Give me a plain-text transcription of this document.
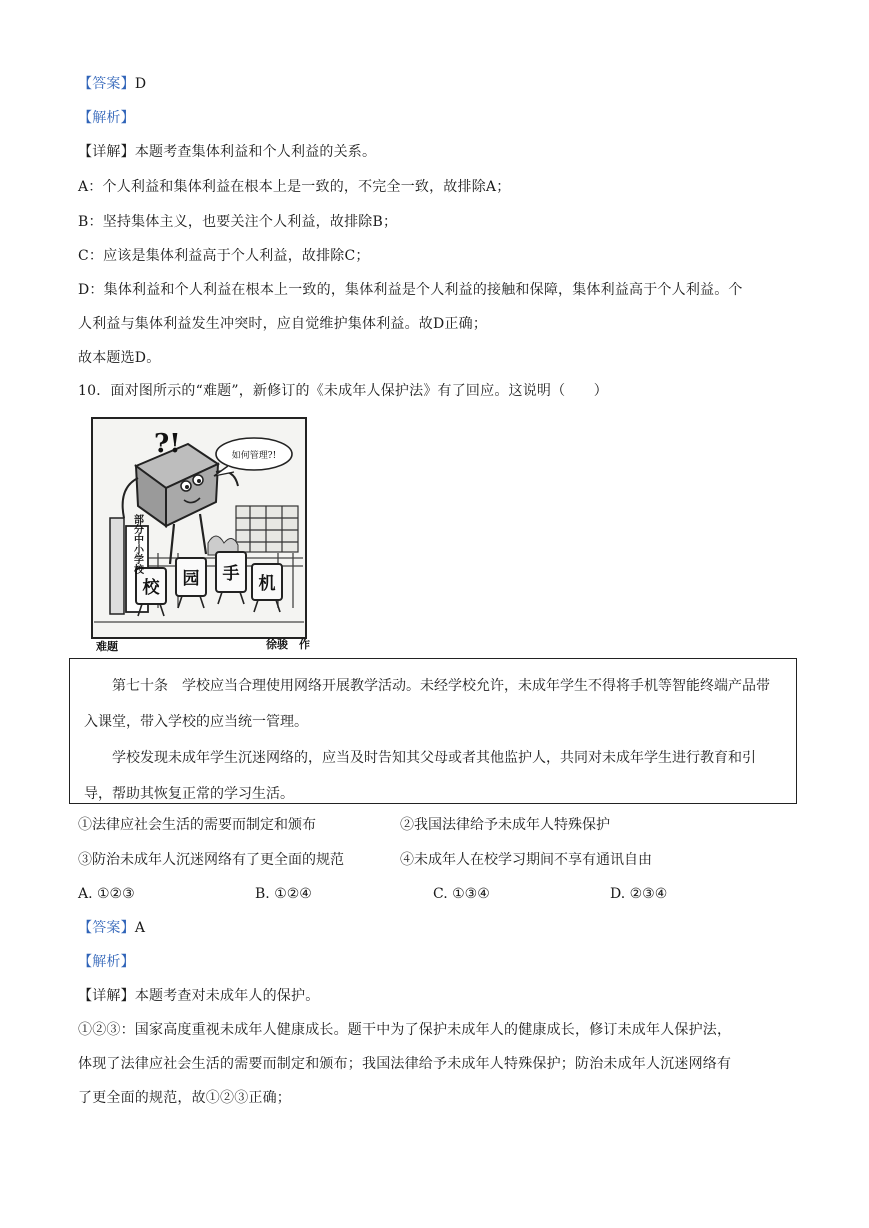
【答案】D
【解析】
【详解】本题考查集体利益和个人利益的关系。
A：个人利益和集体利益在根本上是一致的，不完全一致，故排除A；
B：坚持集体主义，也要关注个人利益，故排除B；
C：应该是集体利益高于个人利益，故排除C；
D：集体利益和个人利益在根本上一致的，集体利益是个人利益的接触和保障，集体利益高于个人利益。个
人利益与集体利益发生冲突时，应自觉维护集体利益。故D正确；
故本题选D。
10．面对图所示的“难题”，新修订的《未成年人保护法》有了回应。这说明（　　）
?!	如何管理?!
校 园 手 机
部分中小学校
难题	徐骏　作

第七十条　学校应当合理使用网络开展教学活动。未经学校允许，未成年学生不得将手机等智能终端产品带入课堂，带入学校的应当统一管理。

学校发现未成年学生沉迷网络的，应当及时告知其父母或者其他监护人，共同对未成年学生进行教育和引导，帮助其恢复正常的学习生活。

①法律应社会生活的需要而制定和颁布	②我国法律给予未成年人特殊保护
③防治未成年人沉迷网络有了更全面的规范	④未成年人在校学习期间不享有通讯自由
A. ①②③	B. ①②④	C. ①③④	D. ②③④
【答案】A
【解析】
【详解】本题考查对未成年人的保护。
①②③：国家高度重视未成年人健康成长。题干中为了保护未成年人的健康成长，修订未成年人保护法，
体现了法律应社会生活的需要而制定和颁布；我国法律给予未成年人特殊保护；防治未成年人沉迷网络有
了更全面的规范，故①②③正确；
